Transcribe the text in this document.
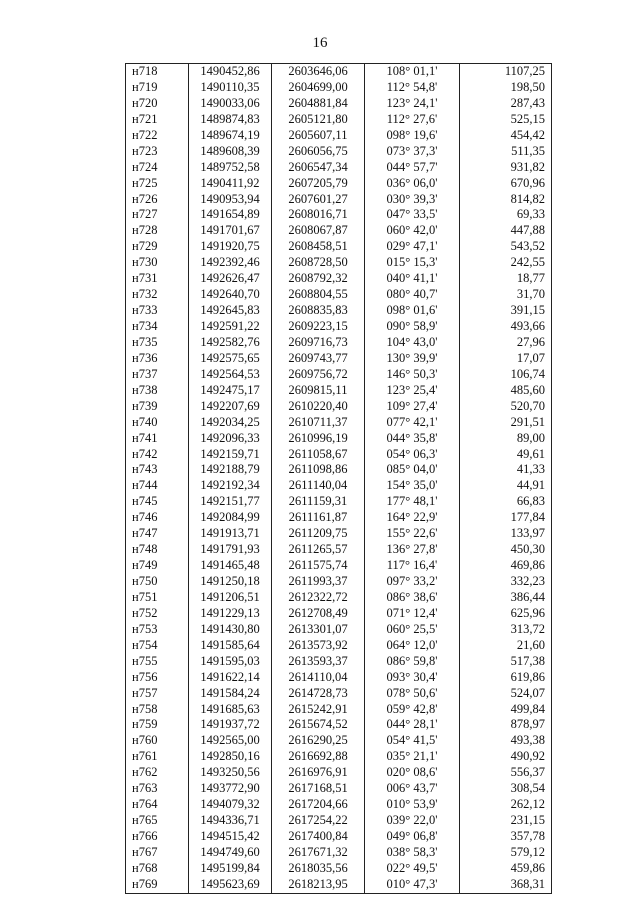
16
н718	1490452,86	2603646,06	108° 01,1'	1107,25
н719	1490110,35	2604699,00	112° 54,8'	198,50
н720	1490033,06	2604881,84	123° 24,1'	287,43
н721	1489874,83	2605121,80	112° 27,6'	525,15
н722	1489674,19	2605607,11	098° 19,6'	454,42
н723	1489608,39	2606056,75	073° 37,3'	511,35
н724	1489752,58	2606547,34	044° 57,7'	931,82
н725	1490411,92	2607205,79	036° 06,0'	670,96
н726	1490953,94	2607601,27	030° 39,3'	814,82
н727	1491654,89	2608016,71	047° 33,5'	69,33
н728	1491701,67	2608067,87	060° 42,0'	447,88
н729	1491920,75	2608458,51	029° 47,1'	543,52
н730	1492392,46	2608728,50	015° 15,3'	242,55
н731	1492626,47	2608792,32	040° 41,1'	18,77
н732	1492640,70	2608804,55	080° 40,7'	31,70
н733	1492645,83	2608835,83	098° 01,6'	391,15
н734	1492591,22	2609223,15	090° 58,9'	493,66
н735	1492582,76	2609716,73	104° 43,0'	27,96
н736	1492575,65	2609743,77	130° 39,9'	17,07
н737	1492564,53	2609756,72	146° 50,3'	106,74
н738	1492475,17	2609815,11	123° 25,4'	485,60
н739	1492207,69	2610220,40	109° 27,4'	520,70
н740	1492034,25	2610711,37	077° 42,1'	291,51
н741	1492096,33	2610996,19	044° 35,8'	89,00
н742	1492159,71	2611058,67	054° 06,3'	49,61
н743	1492188,79	2611098,86	085° 04,0'	41,33
н744	1492192,34	2611140,04	154° 35,0'	44,91
н745	1492151,77	2611159,31	177° 48,1'	66,83
н746	1492084,99	2611161,87	164° 22,9'	177,84
н747	1491913,71	2611209,75	155° 22,6'	133,97
н748	1491791,93	2611265,57	136° 27,8'	450,30
н749	1491465,48	2611575,74	117° 16,4'	469,86
н750	1491250,18	2611993,37	097° 33,2'	332,23
н751	1491206,51	2612322,72	086° 38,6'	386,44
н752	1491229,13	2612708,49	071° 12,4'	625,96
н753	1491430,80	2613301,07	060° 25,5'	313,72
н754	1491585,64	2613573,92	064° 12,0'	21,60
н755	1491595,03	2613593,37	086° 59,8'	517,38
н756	1491622,14	2614110,04	093° 30,4'	619,86
н757	1491584,24	2614728,73	078° 50,6'	524,07
н758	1491685,63	2615242,91	059° 42,8'	499,84
н759	1491937,72	2615674,52	044° 28,1'	878,97
н760	1492565,00	2616290,25	054° 41,5'	493,38
н761	1492850,16	2616692,88	035° 21,1'	490,92
н762	1493250,56	2616976,91	020° 08,6'	556,37
н763	1493772,90	2617168,51	006° 43,7'	308,54
н764	1494079,32	2617204,66	010° 53,9'	262,12
н765	1494336,71	2617254,22	039° 22,0'	231,15
н766	1494515,42	2617400,84	049° 06,8'	357,78
н767	1494749,60	2617671,32	038° 58,3'	579,12
н768	1495199,84	2618035,56	022° 49,5'	459,86
н769	1495623,69	2618213,95	010° 47,3'	368,31
